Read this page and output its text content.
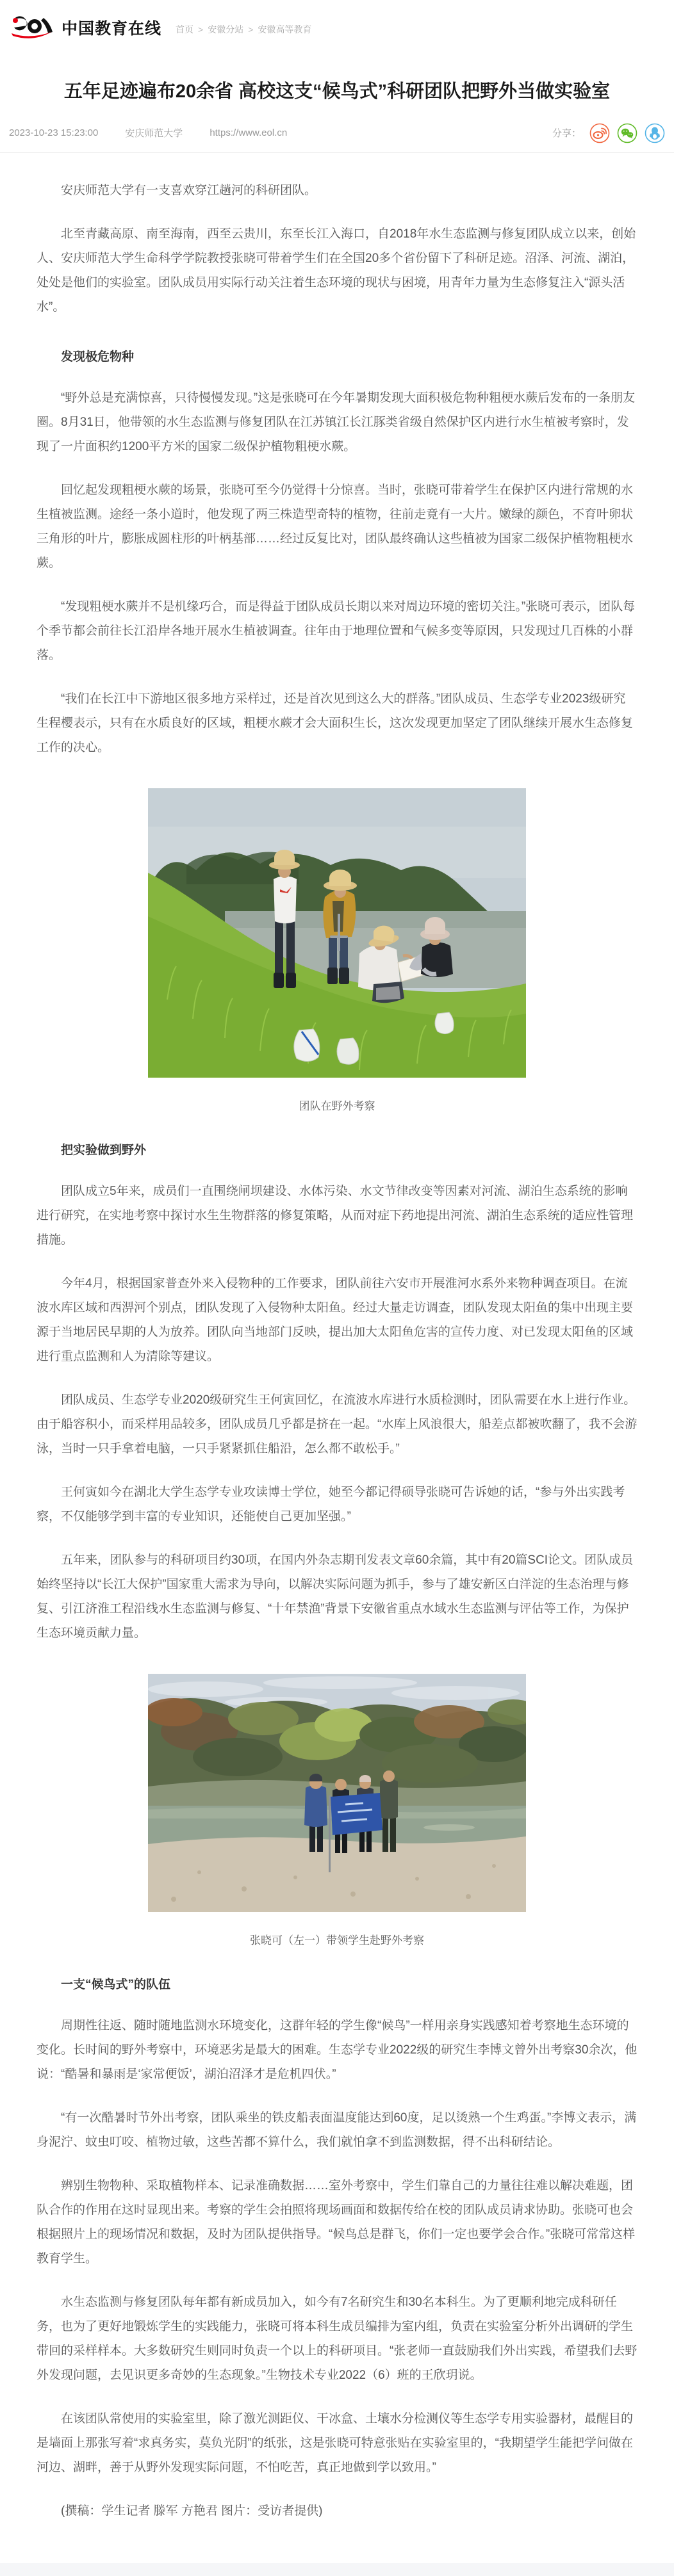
中国教育在线 首页 > 安徽分站 > 安徽高等教育
五年足迹遍布20余省 高校这支“候鸟式”科研团队把野外当做实验室
2023-10-23 15:23:00	安庆师范大学	https://www.eol.cn	分享：

安庆师范大学有一支喜欢穿江趟河的科研团队。

北至青藏高原、南至海南，西至云贵川，东至长江入海口，自2018年水生态监测与修复团队成立以来，创始人、安庆师范大学生命科学学院教授张晓可带着学生们在全国20多个省份留下了科研足迹。沼泽、河流、湖泊，处处是他们的实验室。团队成员用实际行动关注着生态环境的现状与困境，用青年力量为生态修复注入“源头活水”。

发现极危物种

“野外总是充满惊喜，只待慢慢发现。”这是张晓可在今年暑期发现大面积极危物种粗梗水蕨后发布的一条朋友圈。8月31日，他带领的水生态监测与修复团队在江苏镇江长江豚类省级自然保护区内进行水生植被考察时，发现了一片面积约1200平方米的国家二级保护植物粗梗水蕨。

回忆起发现粗梗水蕨的场景，张晓可至今仍觉得十分惊喜。当时，张晓可带着学生在保护区内进行常规的水生植被监测。途经一条小道时，他发现了两三株造型奇特的植物，往前走竟有一大片。嫩绿的颜色，不育叶卵状三角形的叶片，膨胀成圆柱形的叶柄基部……经过反复比对，团队最终确认这些植被为国家二级保护植物粗梗水蕨。

“发现粗梗水蕨并不是机缘巧合，而是得益于团队成员长期以来对周边环境的密切关注。”张晓可表示，团队每个季节都会前往长江沿岸各地开展水生植被调查。往年由于地理位置和气候多变等原因，只发现过几百株的小群落。

“我们在长江中下游地区很多地方采样过，还是首次见到这么大的群落。”团队成员、生态学专业2023级研究生程樱表示，只有在水质良好的区域，粗梗水蕨才会大面积生长，这次发现更加坚定了团队继续开展水生态修复工作的决心。

团队在野外考察
把实验做到野外

团队成立5年来，成员们一直围绕闸坝建设、水体污染、水文节律改变等因素对河流、湖泊生态系统的影响进行研究，在实地考察中探讨水生生物群落的修复策略，从而对症下药地提出河流、湖泊生态系统的适应性管理措施。

今年4月，根据国家普查外来入侵物种的工作要求，团队前往六安市开展淮河水系外来物种调查项目。在流波水库区域和西淠河个别点，团队发现了入侵物种太阳鱼。经过大量走访调查，团队发现太阳鱼的集中出现主要源于当地居民早期的人为放养。团队向当地部门反映，提出加大太阳鱼危害的宣传力度、对已发现太阳鱼的区域进行重点监测和人为清除等建议。

团队成员、生态学专业2020级研究生王何寅回忆，在流波水库进行水质检测时，团队需要在水上进行作业。由于船容积小，而采样用品较多，团队成员几乎都是挤在一起。“水库上风浪很大，船差点都被吹翻了，我不会游泳，当时一只手拿着电脑，一只手紧紧抓住船沿，怎么都不敢松手。”

王何寅如今在湖北大学生态学专业攻读博士学位，她至今都记得硕导张晓可告诉她的话，“参与外出实践考察，不仅能够学到丰富的专业知识，还能使自己更加坚强。”

五年来，团队参与的科研项目约30项，在国内外杂志期刊发表文章60余篇，其中有20篇SCI论文。团队成员始终坚持以“长江大保护”国家重大需求为导向，以解决实际问题为抓手，参与了雄安新区白洋淀的生态治理与修复、引江济淮工程沿线水生态监测与修复、“十年禁渔”背景下安徽省重点水域水生态监测与评估等工作，为保护生态环境贡献力量。

张晓可（左一）带领学生赴野外考察
一支“候鸟式”的队伍

周期性往返、随时随地监测水环境变化，这群年轻的学生像“候鸟”一样用亲身实践感知着考察地生态环境的变化。长时间的野外考察中，环境恶劣是最大的困难。生态学专业2022级的研究生李博文曾外出考察30余次，他说：“酷暑和暴雨是‘家常便饭’，湖泊沼泽才是危机四伏。”

“有一次酷暑时节外出考察，团队乘坐的铁皮船表面温度能达到60度，足以烫熟一个生鸡蛋。”李博文表示，满身泥泞、蚊虫叮咬、植物过敏，这些苦都不算什么，我们就怕拿不到监测数据，得不出科研结论。

辨别生物物种、采取植物样本、记录准确数据……室外考察中，学生们靠自己的力量往往难以解决难题，团队合作的作用在这时显现出来。考察的学生会拍照将现场画面和数据传给在校的团队成员请求协助。张晓可也会根据照片上的现场情况和数据，及时为团队提供指导。“候鸟总是群飞，你们一定也要学会合作。”张晓可常常这样教育学生。

水生态监测与修复团队每年都有新成员加入，如今有7名研究生和30名本科生。为了更顺利地完成科研任务，也为了更好地锻炼学生的实践能力，张晓可将本科生成员编排为室内组，负责在实验室分析外出调研的学生带回的采样样本。大多数研究生则同时负责一个以上的科研项目。“张老师一直鼓励我们外出实践，希望我们去野外发现问题，去见识更多奇妙的生态现象。”生物技术专业2022（6）班的王欣玥说。

在该团队常使用的实验室里，除了激光测距仪、干冰盒、土壤水分检测仪等生态学专用实验器材，最醒目的是墙面上那张写着“求真务实，莫负光阴”的纸张，这是张晓可特意张贴在实验室里的，“我期望学生能把学问做在河边、湖畔，善于从野外发现实际问题，不怕吃苦，真正地做到学以致用。”

(撰稿：学生记者 滕军 方艳君 图片：受访者提供)
